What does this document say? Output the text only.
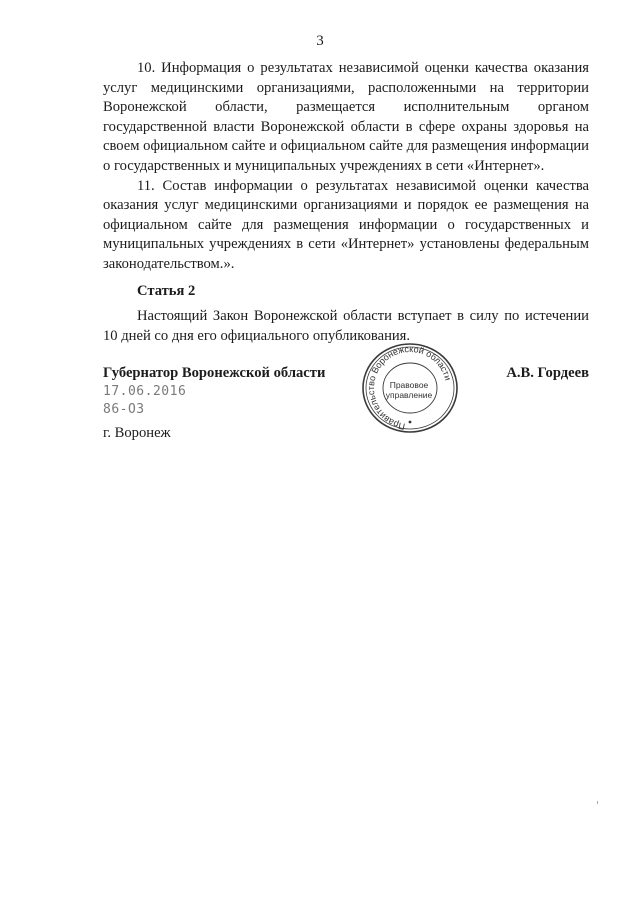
3

10. Информация о результатах независимой оценки качества оказания услуг медицинскими организациями, расположенными на территории Воронежской области, размещается исполнительным органом государственной власти Воронежской области в сфере охраны здоровья на своем официальном сайте и официальном сайте для размещения информации о государственных и муниципальных учреждениях в сети «Интернет».

11. Состав информации о результатах независимой оценки качества оказания услуг медицинскими организациями и порядок ее размещения на официальном сайте для размещения информации о государственных и муниципальных учреждениях в сети «Интернет» установлены федеральным законодательством.».

Статья 2

Настоящий Закон Воронежской области вступает в силу по истечении 10 дней со дня его официального опубликования.

Губернатор Воронежской области	А.В. Гордеев
17.06.2016
86-ОЗ
г. Воронеж	Правительство Воронежской области
Правовое
управление
